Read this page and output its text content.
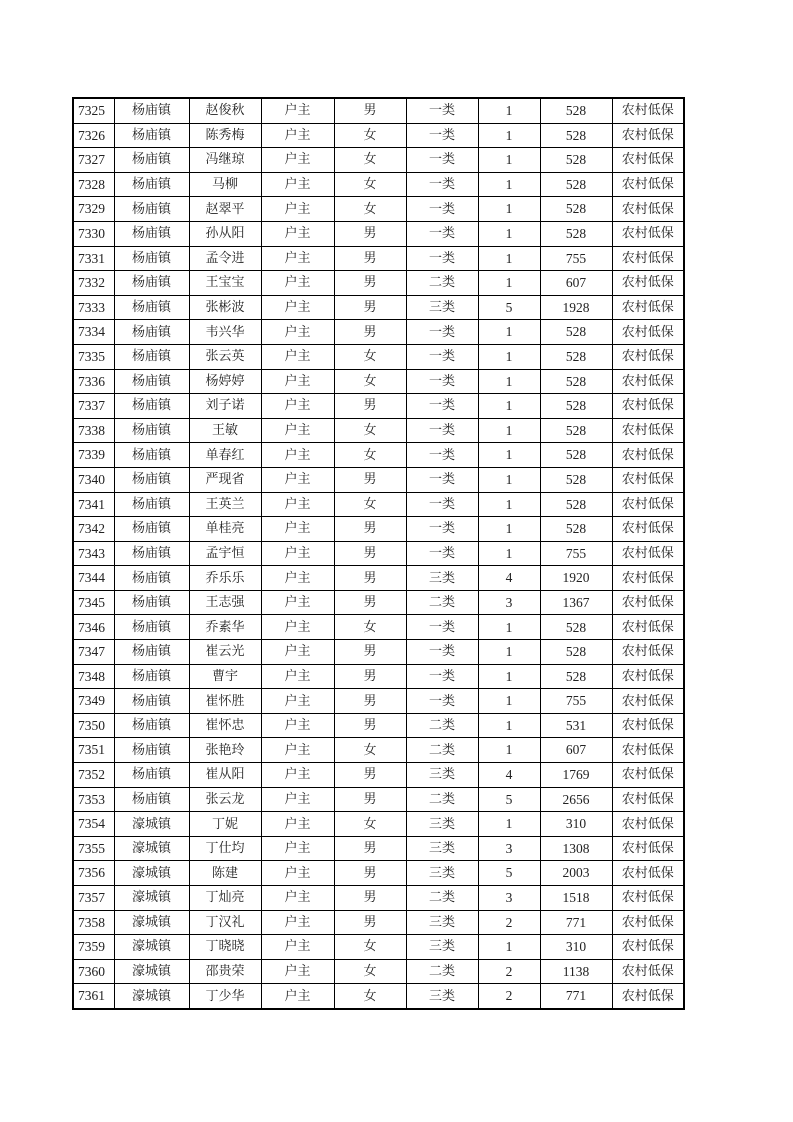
7325	杨庙镇	赵俊秋	户主	男	一类	1	528	农村低保
7326	杨庙镇	陈秀梅	户主	女	一类	1	528	农村低保
7327	杨庙镇	冯继琼	户主	女	一类	1	528	农村低保
7328	杨庙镇	马柳	户主	女	一类	1	528	农村低保
7329	杨庙镇	赵翠平	户主	女	一类	1	528	农村低保
7330	杨庙镇	孙从阳	户主	男	一类	1	528	农村低保
7331	杨庙镇	孟令进	户主	男	一类	1	755	农村低保
7332	杨庙镇	王宝宝	户主	男	二类	1	607	农村低保
7333	杨庙镇	张彬波	户主	男	三类	5	1928	农村低保
7334	杨庙镇	韦兴华	户主	男	一类	1	528	农村低保
7335	杨庙镇	张云英	户主	女	一类	1	528	农村低保
7336	杨庙镇	杨婷婷	户主	女	一类	1	528	农村低保
7337	杨庙镇	刘子诺	户主	男	一类	1	528	农村低保
7338	杨庙镇	王敏	户主	女	一类	1	528	农村低保
7339	杨庙镇	单春红	户主	女	一类	1	528	农村低保
7340	杨庙镇	严现省	户主	男	一类	1	528	农村低保
7341	杨庙镇	王英兰	户主	女	一类	1	528	农村低保
7342	杨庙镇	单桂亮	户主	男	一类	1	528	农村低保
7343	杨庙镇	孟宇恒	户主	男	一类	1	755	农村低保
7344	杨庙镇	乔乐乐	户主	男	三类	4	1920	农村低保
7345	杨庙镇	王志强	户主	男	二类	3	1367	农村低保
7346	杨庙镇	乔素华	户主	女	一类	1	528	农村低保
7347	杨庙镇	崔云光	户主	男	一类	1	528	农村低保
7348	杨庙镇	曹宇	户主	男	一类	1	528	农村低保
7349	杨庙镇	崔怀胜	户主	男	一类	1	755	农村低保
7350	杨庙镇	崔怀忠	户主	男	二类	1	531	农村低保
7351	杨庙镇	张艳玲	户主	女	二类	1	607	农村低保
7352	杨庙镇	崔从阳	户主	男	三类	4	1769	农村低保
7353	杨庙镇	张云龙	户主	男	二类	5	2656	农村低保
7354	濠城镇	丁妮	户主	女	三类	1	310	农村低保
7355	濠城镇	丁仕均	户主	男	三类	3	1308	农村低保
7356	濠城镇	陈建	户主	男	三类	5	2003	农村低保
7357	濠城镇	丁灿亮	户主	男	二类	3	1518	农村低保
7358	濠城镇	丁汉礼	户主	男	三类	2	771	农村低保
7359	濠城镇	丁晓晓	户主	女	三类	1	310	农村低保
7360	濠城镇	邵贵荣	户主	女	二类	2	1138	农村低保
7361	濠城镇	丁少华	户主	女	三类	2	771	农村低保
